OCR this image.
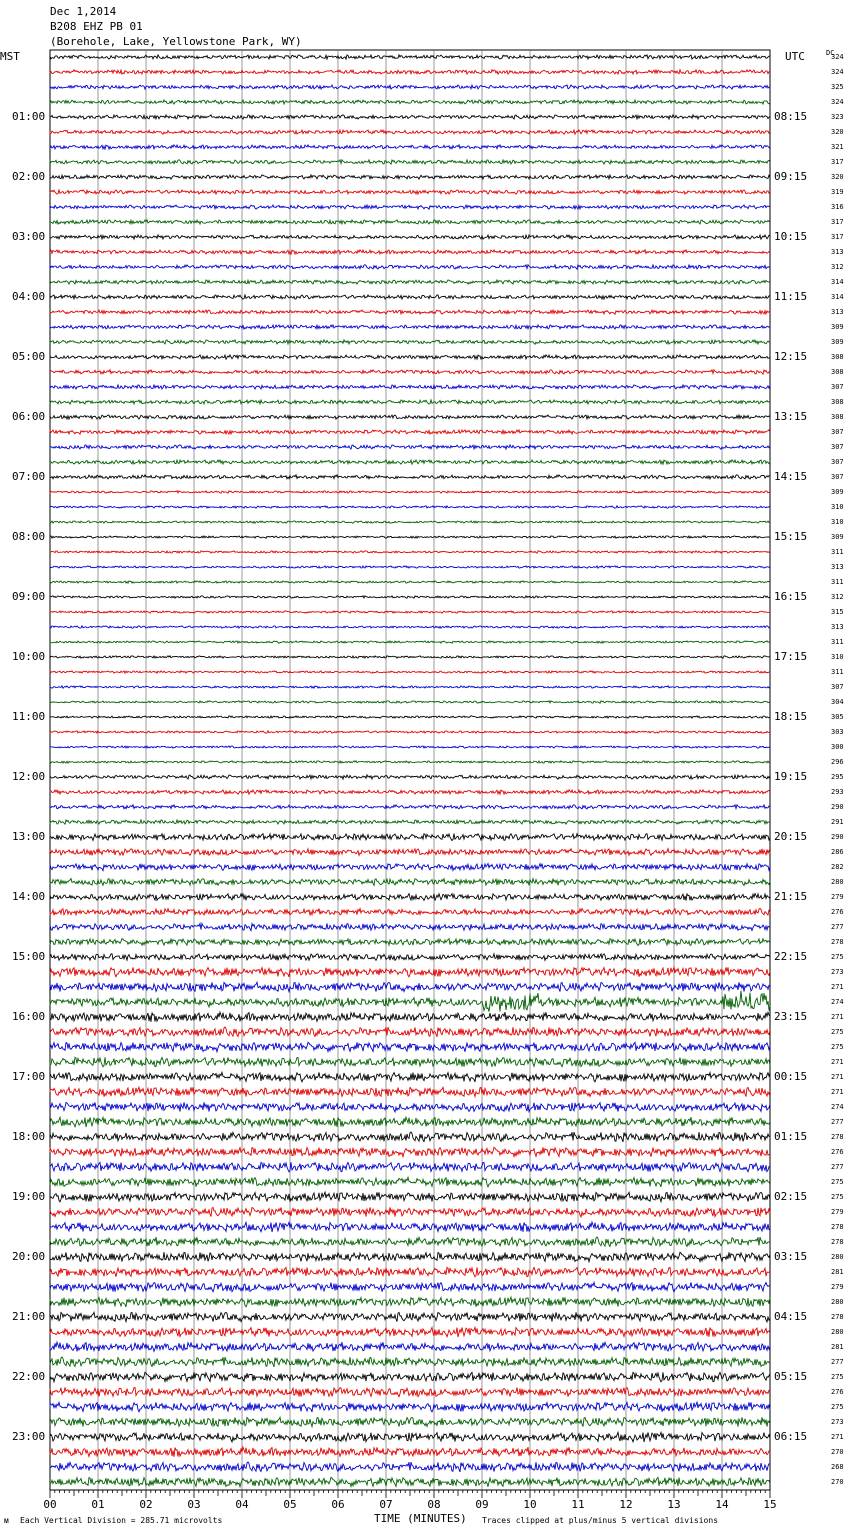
Dec 1,2014
B208 EHZ PB 01
(Borehole, Lake, Yellowstone Park, WY)
MST	UTC	DC
01:00
02:00
03:00
04:00
05:00
06:00
07:00
08:00
09:00
10:00
11:00
12:00
13:00
14:00
15:00
16:00
17:00
18:00
19:00
20:00
21:00
22:00
23:00
08:15
09:15
10:15
11:15
12:15
13:15
14:15
15:15
16:15
17:15
18:15
19:15
20:15
21:15
22:15
23:15
00:15
01:15
02:15
03:15
04:15
05:15
06:15
324
324
325
324
323
320
321
317
320
319
316
317
317
313
312
314
314
313
309
309
308
308
307
308
308
307
307
307
307
309
310
310
309
311
313
311
312
315
313
311
310
311
307
304
305
303
300
296
295
293
290
291
290
286
282
280
279
276
277
278
275
273
271
274
271
275
275
271
271
271
274
277
278
276
277
275
275
279
278
278
280
281
279
280
278
280
281
277
275
276
275
273
271
270
268
270
00	01	02	03	04	05	06	07	08	09	10	11	12	13	14	15
ᴍ Each Vertical Division = 285.71 microvolts	TIME (MINUTES) Traces clipped at plus/minus 5 vertical divisions
